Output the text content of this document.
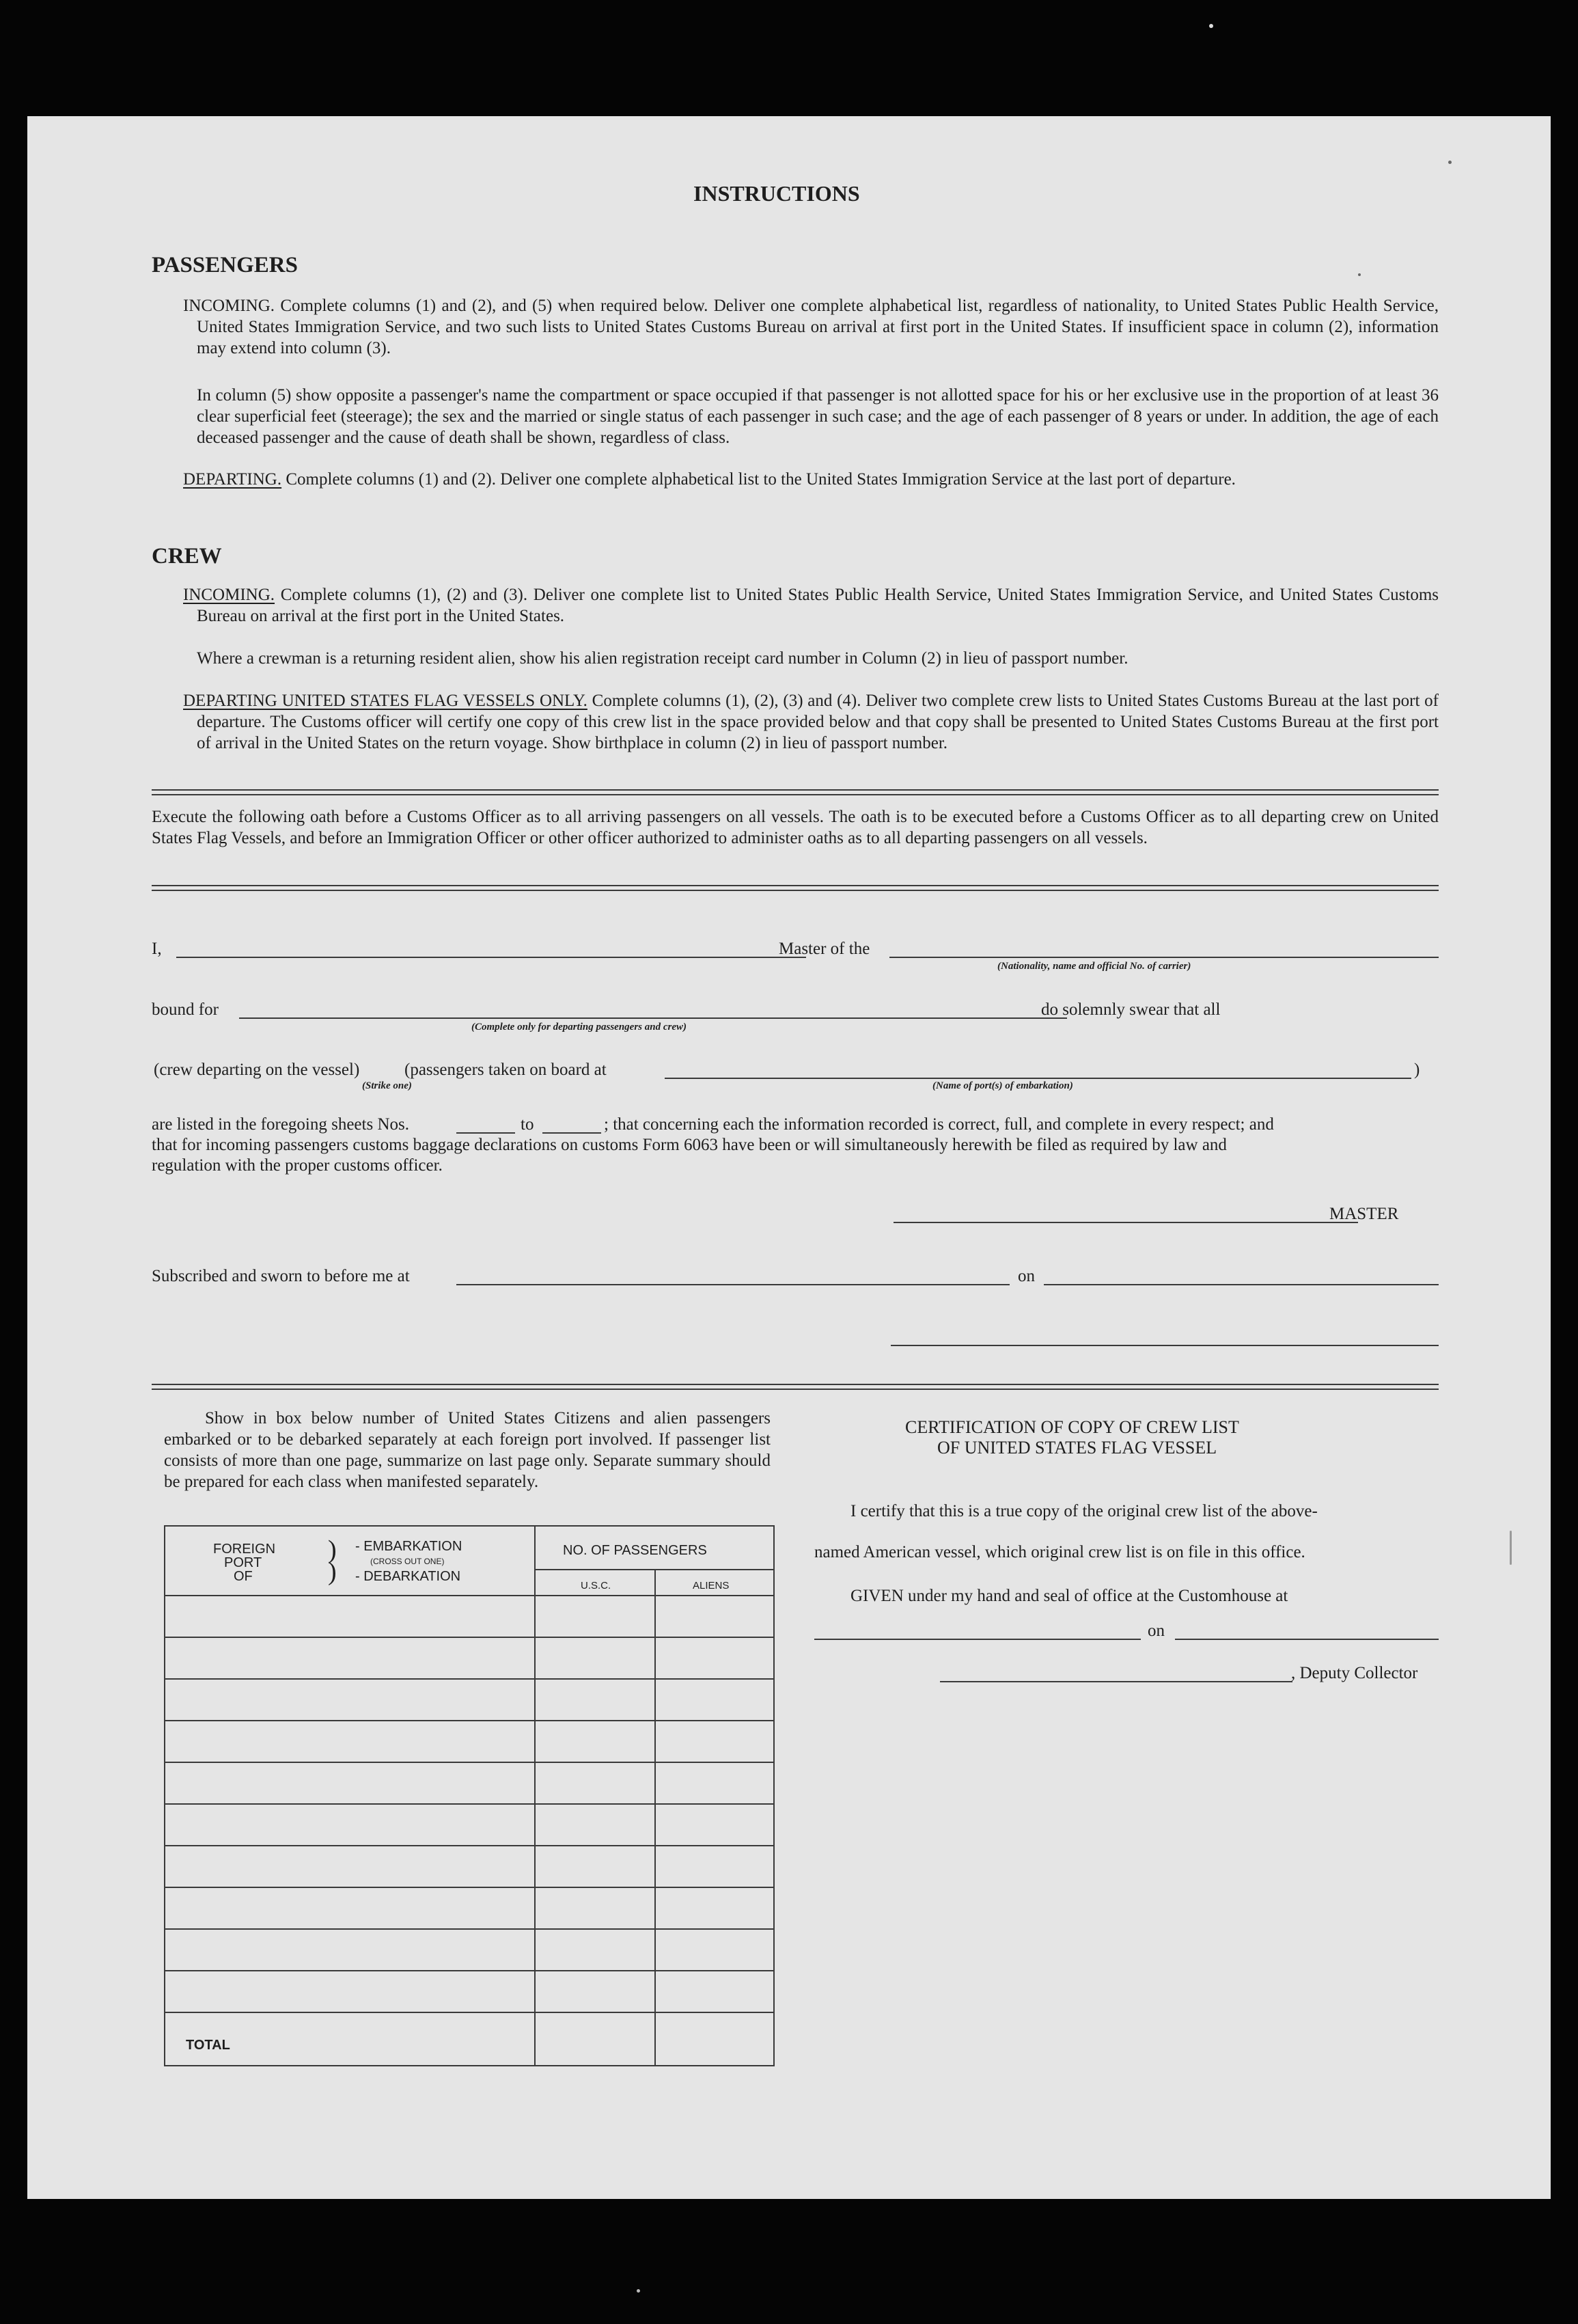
INSTRUCTIONS
PASSENGERS
INCOMING. Complete columns (1) and (2), and (5) when required below. Deliver one complete alphabetical list, regardless of nationality, to United States Public Health Service, United States Immigration Service, and two such lists to United States Customs Bureau on arrival at first port in the United States. If insufficient space in column (2), information may extend into column (3).
In column (5) show opposite a passenger's name the compartment or space occupied if that passenger is not allotted space for his or her exclusive use in the proportion of at least 36 clear superficial feet (steerage); the sex and the married or single status of each passenger in such case; and the age of each passenger of 8 years or under. In addition, the age of each deceased passenger and the cause of death shall be shown, regardless of class.
DEPARTING. Complete columns (1) and (2). Deliver one complete alphabetical list to the United States Immigration Service at the last port of departure.
CREW
INCOMING. Complete columns (1), (2) and (3). Deliver one complete list to United States Public Health Service, United States Immigration Service, and United States Customs Bureau on arrival at the first port in the United States.
Where a crewman is a returning resident alien, show his alien registration receipt card number in Column (2) in lieu of passport number.
DEPARTING UNITED STATES FLAG VESSELS ONLY. Complete columns (1), (2), (3) and (4). Deliver two complete crew lists to United States Customs Bureau at the last port of departure. The Customs officer will certify one copy of this crew list in the space provided below and that copy shall be presented to United States Customs Bureau at the first port of arrival in the United States on the return voyage. Show birthplace in column (2) in lieu of passport number.
Execute the following oath before a Customs Officer as to all arriving passengers on all vessels. The oath is to be executed before a Customs Officer as to all departing crew on United States Flag Vessels, and before an Immigration Officer or other officer authorized to administer oaths as to all departing passengers on all vessels.
I,	Master of the
(Nationality, name and official No. of carrier)
bound for	do solemnly swear that all
(Complete only for departing passengers and crew)
(crew departing on the vessel)	(passengers taken on board at	)
(Strike one)	(Name of port(s) of embarkation)
are listed in the foregoing sheets Nos.	to	; that concerning each the information recorded is correct, full, and complete in every respect; and
that for incoming passengers customs baggage declarations on customs Form 6063 have been or will simultaneously herewith be filed as required by law and
regulation with the proper customs officer.
MASTER
Subscribed and sworn to before me at	on
Show in box below number of United States Citizens and alien passengers embarked or to be debarked separately at each foreign port involved. If passenger list consists of more than one page, summarize on last page only. Separate summary should be prepared for each class when manifested separately.
FOREIGN
PORT
OF
)
)
- EMBARKATION
(CROSS OUT ONE)
- DEBARKATION
NO. OF PASSENGERS
U.S.C.	ALIENS
TOTAL
CERTIFICATION OF COPY OF CREW LIST
OF UNITED STATES FLAG VESSEL
I certify that this is a true copy of the original crew list of the above-
named American vessel, which original crew list is on file in this office.
GIVEN under my hand and seal of office at the Customhouse at
on
, Deputy Collector
